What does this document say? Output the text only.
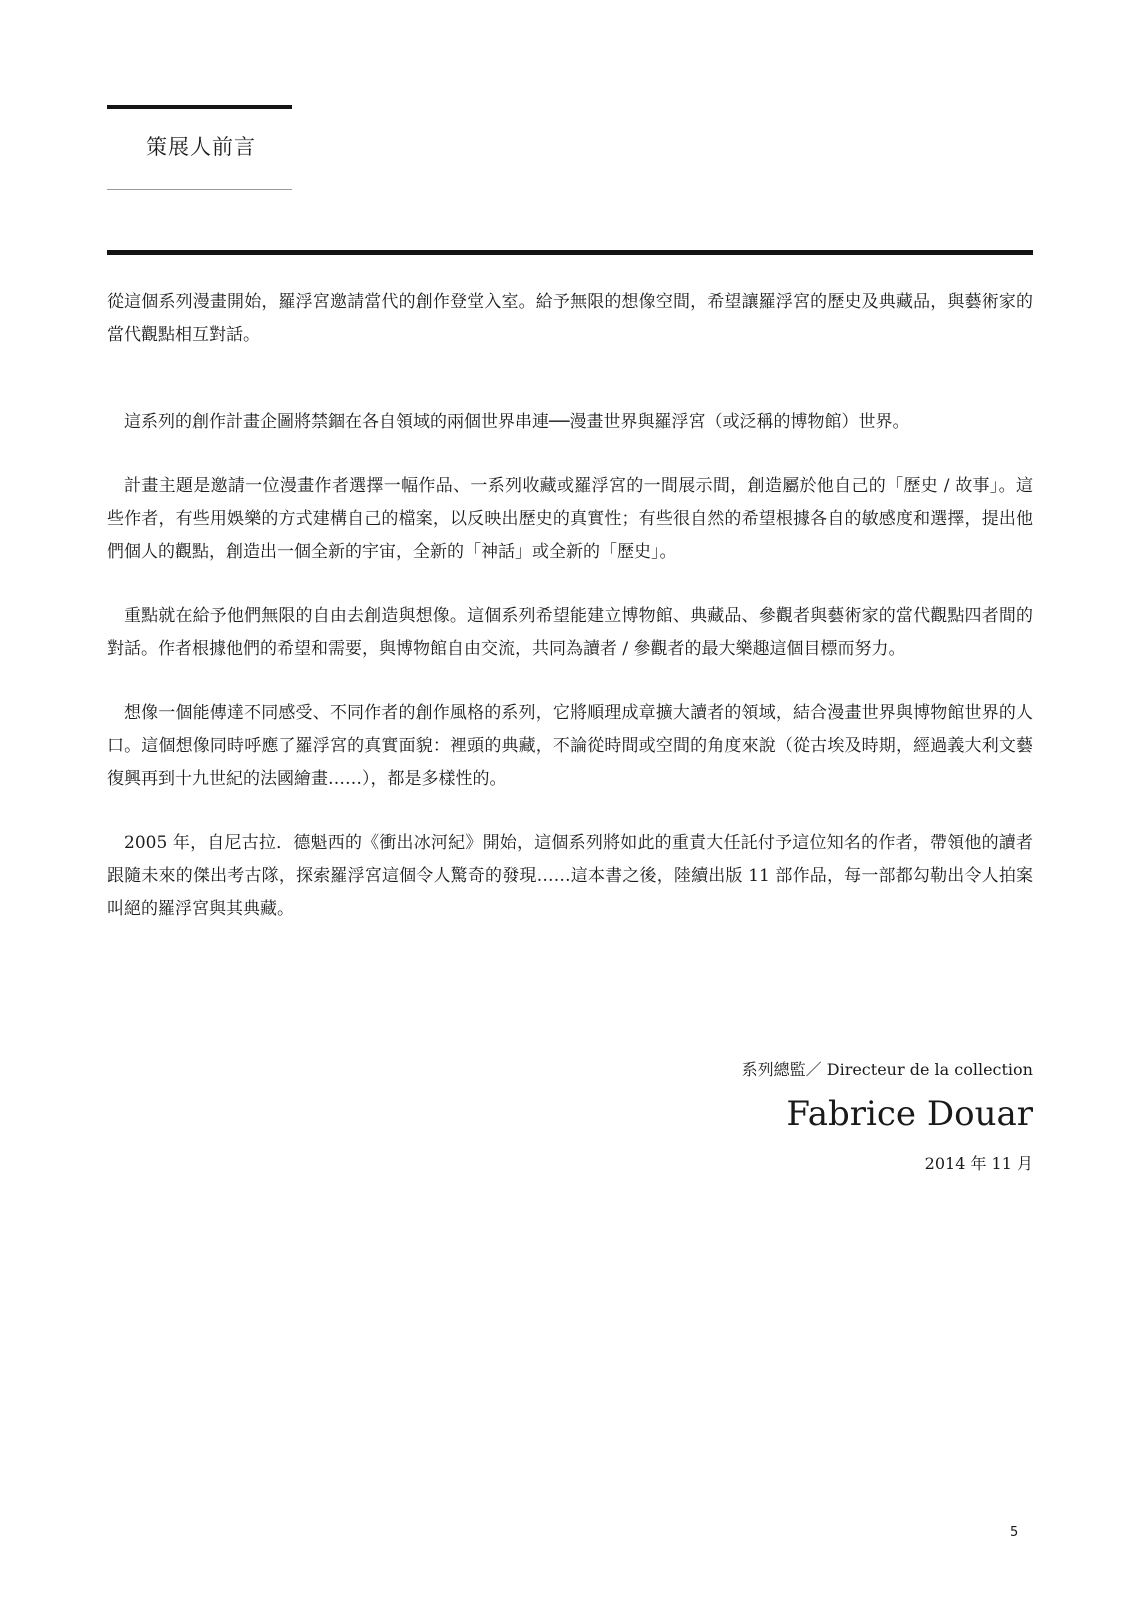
策展人前言

從這個系列漫畫開始，羅浮宮邀請當代的創作登堂入室。給予無限的想像空間，希望讓羅浮宮的歷史及典藏品，與藝術家的當代觀點相互對話。

這系列的創作計畫企圖將禁錮在各自領域的兩個世界串連──漫畫世界與羅浮宮（或泛稱的博物館）世界。

計畫主題是邀請一位漫畫作者選擇一幅作品、一系列收藏或羅浮宮的一間展示間，創造屬於他自己的「歷史 / 故事」。這些作者，有些用娛樂的方式建構自己的檔案，以反映出歷史的真實性；有些很自然的希望根據各自的敏感度和選擇，提出他們個人的觀點，創造出一個全新的宇宙，全新的「神話」或全新的「歷史」。

重點就在給予他們無限的自由去創造與想像。這個系列希望能建立博物館、典藏品、參觀者與藝術家的當代觀點四者間的對話。作者根據他們的希望和需要，與博物館自由交流，共同為讀者 / 參觀者的最大樂趣這個目標而努力。

想像一個能傳達不同感受、不同作者的創作風格的系列，它將順理成章擴大讀者的領域，結合漫畫世界與博物館世界的人口。這個想像同時呼應了羅浮宮的真實面貌：裡頭的典藏，不論從時間或空間的角度來說（從古埃及時期，經過義大利文藝復興再到十九世紀的法國繪畫……），都是多樣性的。

2005 年，自尼古拉．德魁西的《衝出冰河紀》開始，這個系列將如此的重責大任託付予這位知名的作者，帶領他的讀者跟隨未來的傑出考古隊，探索羅浮宮這個令人驚奇的發現……這本書之後，陸續出版 11 部作品，每一部都勾勒出令人拍案叫絕的羅浮宮與其典藏。

系列總監／ Directeur de la collection
Fabrice Douar
2014 年 11 月
5
